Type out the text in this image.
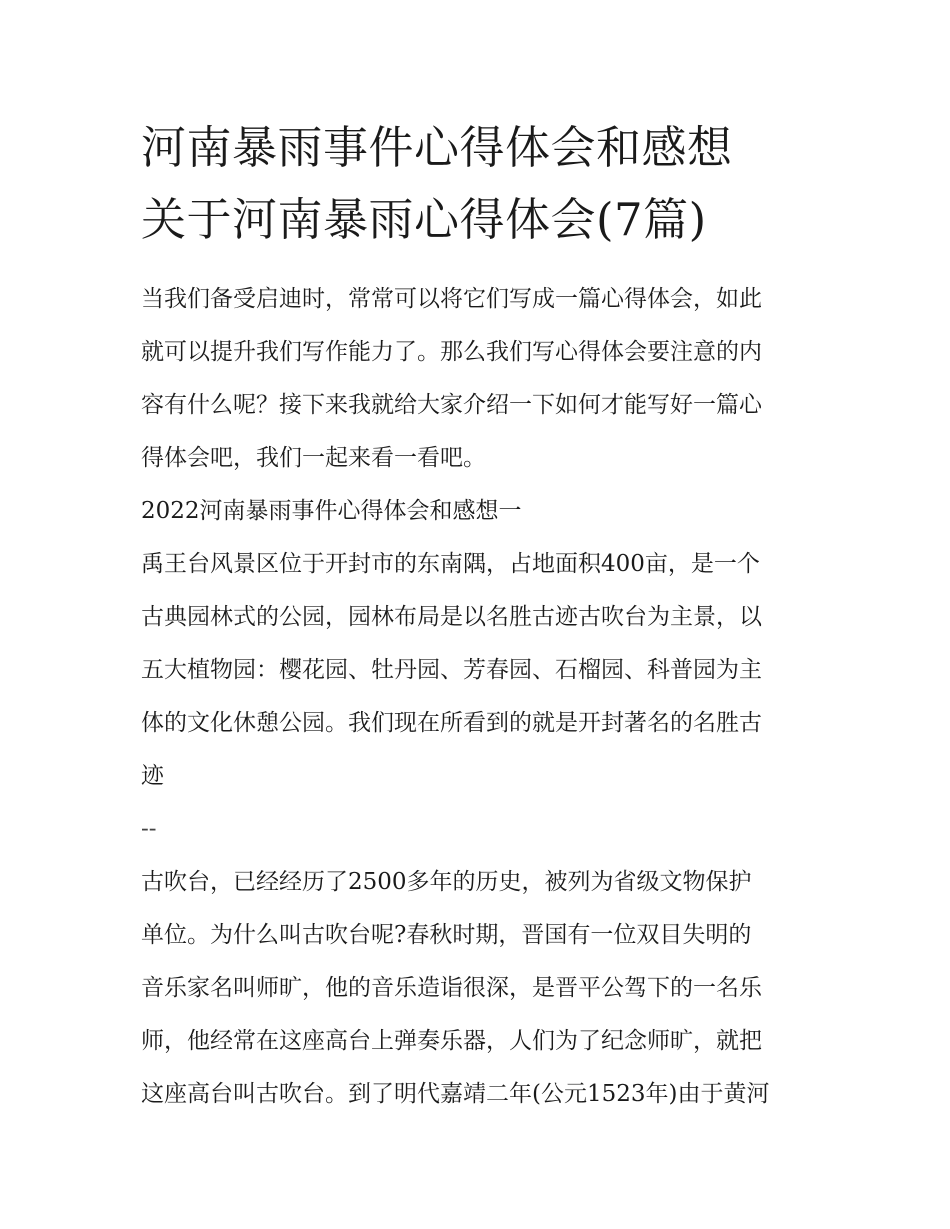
河南暴雨事件心得体会和感想
关于河南暴雨心得体会(7篇)

当我们备受启迪时，常常可以将它们写成一篇心得体会，如此
就可以提升我们写作能力了。那么我们写心得体会要注意的内
容有什么呢？接下来我就给大家介绍一下如何才能写好一篇心
得体会吧，我们一起来看一看吧。

2022河南暴雨事件心得体会和感想一

禹王台风景区位于开封市的东南隅，占地面积400亩，是一个
古典园林式的公园，园林布局是以名胜古迹古吹台为主景，以
五大植物园：樱花园、牡丹园、芳春园、石榴园、科普园为主
体的文化休憩公园。我们现在所看到的就是开封著名的名胜古
迹

--

古吹台，已经经历了2500多年的历史，被列为省级文物保护
单位。为什么叫古吹台呢?春秋时期，晋国有一位双目失明的
音乐家名叫师旷，他的音乐造诣很深，是晋平公驾下的一名乐
师，他经常在这座高台上弹奏乐器，人们为了纪念师旷，就把
这座高台叫古吹台。到了明代嘉靖二年(公元1523年)由于黄河
